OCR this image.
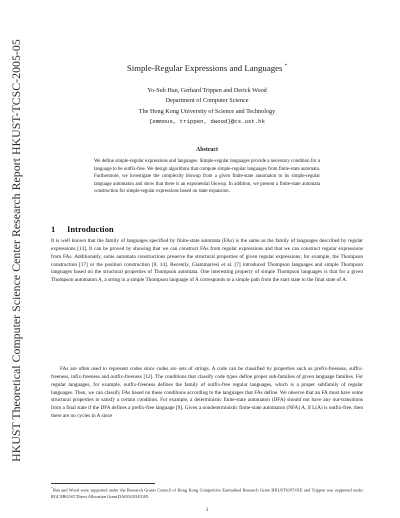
HKUST Theoretical Computer Science Center Research Report HKUST-TCSC-2005-05	Simple-Regular Expressions and Languages *
Yo-Sub Han, Gerhard Trippen and Derick Wood
Department of Computer Science
The Hong Kong University of Science and Technology
{emmous, trippen, dwood}@cs.ust.hk
Abstract
We define simple-regular expressions and languages. Simple-regular languages provide a necessary condition for a language to be outfix-free. We design algorithms that compute simple-regular languages from finite-state automata. Furthermore, we investigate the complexity blowup from a given finite-state automaton to its simple-regular language automaton and show that there is an exponential blowup. In addition, we present a finite-state automata construction for simple-regular expressions based on state expansion.
1 Introduction
It is well known that the family of languages specified by finite-state automata (FAs) is the same as the family of languages described by regular expressions [13]. It can be proved by showing that we can construct FAs from regular expressions and that we can construct regular expressions from FAs. Additionally, some automata constructions preserve the structural properties of given regular expressions; for example, the Thompson construction [17] or the position construction [8, 14]. Recently, Giammarresi et al. [7] introduced Thompson languages and simple Thompson languages based on the structural properties of Thompson automata. One interesting property of simple Thompson languages is that for a given Thompson automaton A, a string in a simple Thompson language of A corresponds to a simple path from the start state to the final state of A.
FAs are often used to represent codes since codes are sets of strings. A code can be classified by properties such as prefix-freeness, suffix-freeness, infix-freeness and outfix-freeness [12]. The conditions that classify code types define proper sub-families of given language families. For regular languages, for example, outfix-freeness defines the family of outfix-free regular languages, which is a proper subfamily of regular languages. Then, we can classify FAs based on these conditions according to the languages that FAs define. We observe that an FA must have some structural properties to satisfy a certain condition. For example, a deterministic finite-state automaton (DFA) should not have any out-transitions from a final state if the DFA defines a prefix-free language [9]. Given a nondeterministic finite-state automaton (NFA) A, if L(A) is outfix-free, then there are no cycles in A since
*Han and Wood were supported under the Research Grants Council of Hong Kong Competitive Earmarked Research Grant HKUST6197/01E and Trippen was supported under RGC/HKUST Direct Allocation Grant DAG02/03.EG05.
1
